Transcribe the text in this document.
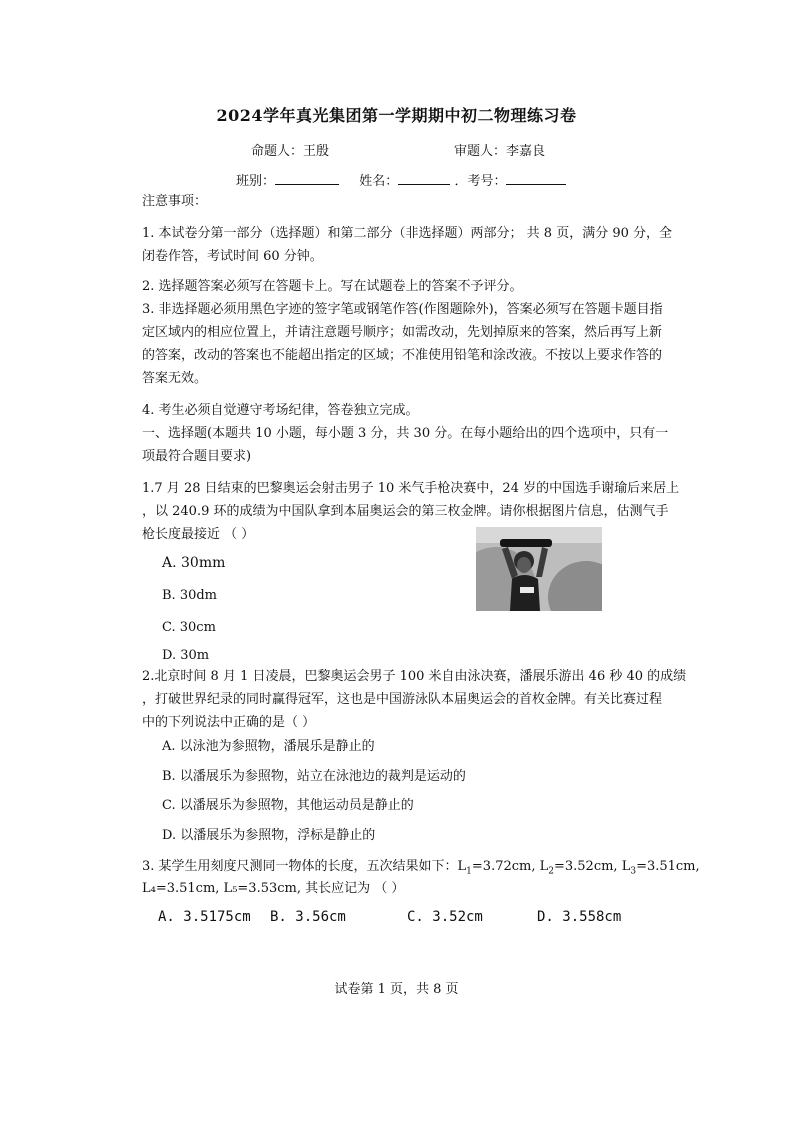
2024学年真光集团第一学期期中初二物理练习卷
命题人：王殷	审题人：李嘉良
班别：	姓名：	．考号：
注意事项：
1. 本试卷分第一部分（选择题）和第二部分（非选择题）两部分； 共 8 页，满分 90 分，全
闭卷作答，考试时间 60 分钟。
2. 选择题答案必须写在答题卡上。写在试题卷上的答案不予评分。
3. 非选择题必须用黑色字迹的签字笔或钢笔作答(作图题除外)，答案必须写在答题卡题目指
定区域内的相应位置上，并请注意题号顺序；如需改动，先划掉原来的答案，然后再写上新
的答案，改动的答案也不能超出指定的区域；不准使用铅笔和涂改液。不按以上要求作答的
答案无效。
4. 考生必须自觉遵守考场纪律，答卷独立完成。
一、选择题(本题共 10 小题，每小题 3 分，共 30 分。在每小题给出的四个选项中，只有一
项最符合题目要求)
1.7 月 28 日结束的巴黎奥运会射击男子 10 米气手枪决赛中，24 岁的中国选手谢瑜后来居上
，以 240.9 环的成绩为中国队拿到本届奥运会的第三枚金牌。请你根据图片信息，估测气手
枪长度最接近 （ ）
A. 30mm
B. 30dm
C. 30cm
D. 30m
2.北京时间 8 月 1 日凌晨，巴黎奥运会男子 100 米自由泳决赛，潘展乐游出 46 秒 40 的成绩
，打破世界纪录的同时赢得冠军，这也是中国游泳队本届奥运会的首枚金牌。有关比赛过程
中的下列说法中正确的是（ ）
A. 以泳池为参照物，潘展乐是静止的
B. 以潘展乐为参照物，站立在泳池边的裁判是运动的
C. 以潘展乐为参照物，其他运动员是静止的
D. 以潘展乐为参照物，浮标是静止的
3. 某学生用刻度尺测同一物体的长度，五次结果如下：$L_1=3.72cm$, $L_2=3.52cm$, $L_3=3.51cm$,
L₄=3.51cm, L₅=3.53cm, 其长应记为 （ ）
A. 3.5175cm B. 3.56cm	C. 3.52cm	D. 3.558cm
试卷第 1 页，共 8 页
